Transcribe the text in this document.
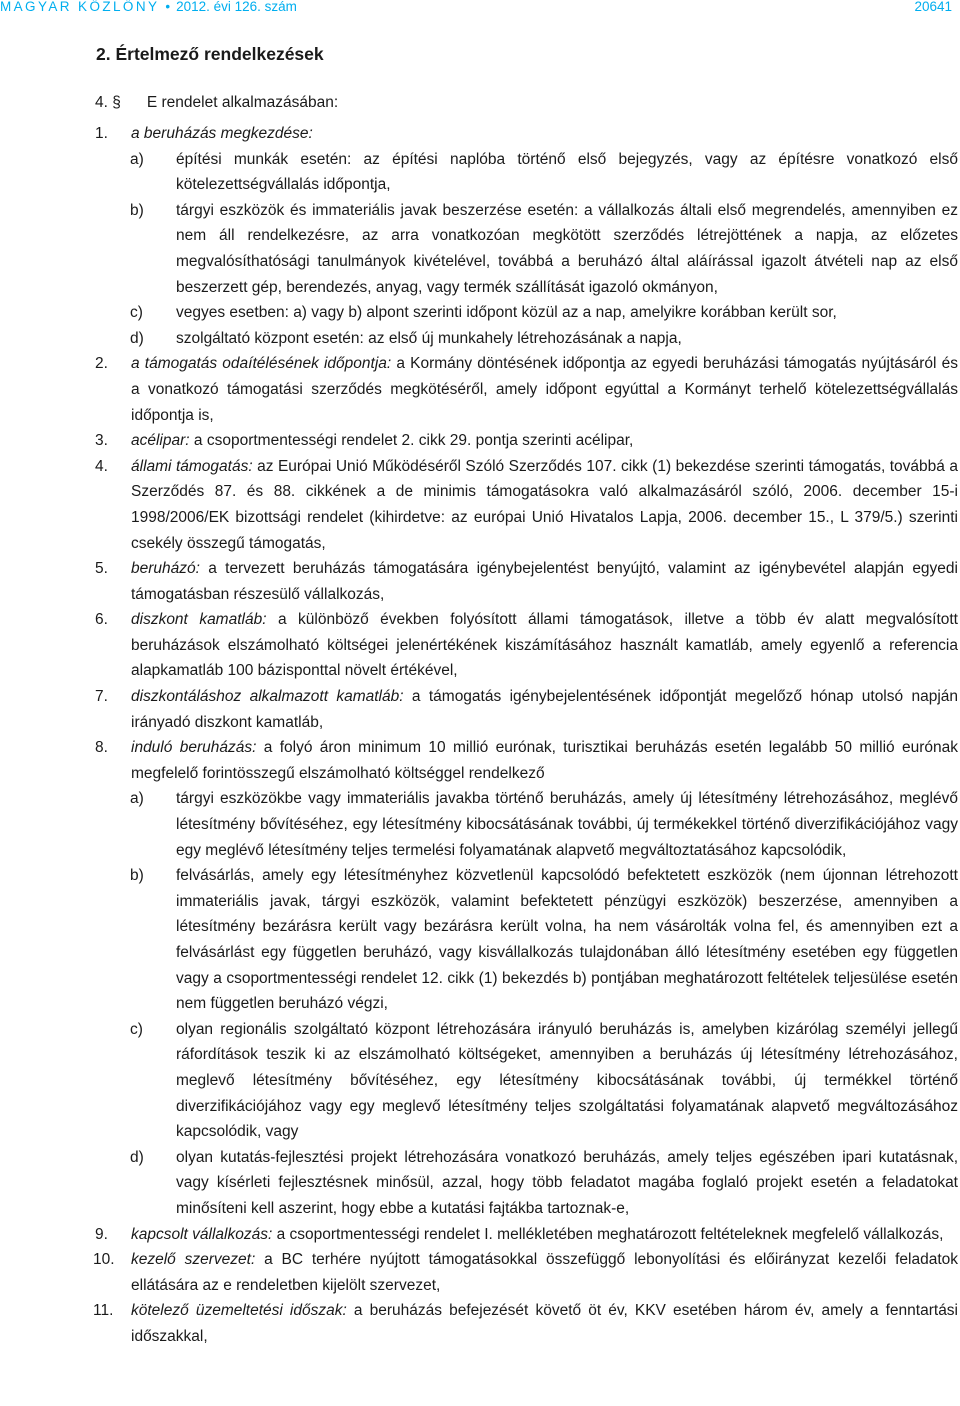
MAGYAR KÖZLÖNY • 2012. évi 126. szám	20641
2. Értelmező rendelkezések
4. § E rendelet alkalmazásában:
1. a beruházás megkezdése:
a) építési munkák esetén: az építési naplóba történő első bejegyzés, vagy az építésre vonatkozó első kötelezettségvállalás időpontja,
b) tárgyi eszközök és immateriális javak beszerzése esetén: a vállalkozás általi első megrendelés, amennyiben ez nem áll rendelkezésre, az arra vonatkozóan megkötött szerződés létrejöttének a napja, az előzetes megvalósíthatósági tanulmányok kivételével, továbbá a beruházó által aláírással igazolt átvételi nap az első beszerzett gép, berendezés, anyag, vagy termék szállítását igazoló okmányon,
c) vegyes esetben: a) vagy b) alpont szerinti időpont közül az a nap, amelyikre korábban került sor,
d) szolgáltató központ esetén: az első új munkahely létrehozásának a napja,
2. a támogatás odaítélésének időpontja: a Kormány döntésének időpontja az egyedi beruházási támogatás nyújtásáról és a vonatkozó támogatási szerződés megkötéséről, amely időpont egyúttal a Kormányt terhelő kötelezettségvállalás időpontja is,
3. acélipar: a csoportmentességi rendelet 2. cikk 29. pontja szerinti acélipar,
4. állami támogatás: az Európai Unió Működéséről Szóló Szerződés 107. cikk (1) bekezdése szerinti támogatás, továbbá a Szerződés 87. és 88. cikkének a de minimis támogatásokra való alkalmazásáról szóló, 2006. december 15-i 1998/2006/EK bizottsági rendelet (kihirdetve: az európai Unió Hivatalos Lapja, 2006. december 15., L 379/5.) szerinti csekély összegű támogatás,
5. beruházó: a tervezett beruházás támogatására igénybejelentést benyújtó, valamint az igénybevétel alapján egyedi támogatásban részesülő vállalkozás,
6. diszkont kamatláb: a különböző években folyósított állami támogatások, illetve a több év alatt megvalósított beruházások elszámolható költségei jelenértékének kiszámításához használt kamatláb, amely egyenlő a referencia alapkamatláb 100 bázisponttal növelt értékével,
7. diszkontáláshoz alkalmazott kamatláb: a támogatás igénybejelentésének időpontját megelőző hónap utolsó napján irányadó diszkont kamatláb,
8. induló beruházás: a folyó áron minimum 10 millió eurónak, turisztikai beruházás esetén legalább 50 millió eurónak megfelelő forintösszegű elszámolható költséggel rendelkező
a) tárgyi eszközökbe vagy immateriális javakba történő beruházás, amely új létesítmény létrehozásához, meglévő létesítmény bővítéséhez, egy létesítmény kibocsátásának további, új termékekkel történő diverzifikációjához vagy egy meglévő létesítmény teljes termelési folyamatának alapvető megváltoztatásához kapcsolódik,
b) felvásárlás, amely egy létesítményhez közvetlenül kapcsolódó befektetett eszközök (nem újonnan létrehozott immateriális javak, tárgyi eszközök, valamint befektetett pénzügyi eszközök) beszerzése, amennyiben a létesítmény bezárásra került vagy bezárásra került volna, ha nem vásárolták volna fel, és amennyiben ezt a felvásárlást egy független beruházó, vagy kisvállalkozás tulajdonában álló létesítmény esetében egy független vagy a csoportmentességi rendelet 12. cikk (1) bekezdés b) pontjában meghatározott feltételek teljesülése esetén nem független beruházó végzi,
c) olyan regionális szolgáltató központ létrehozására irányuló beruházás is, amelyben kizárólag személyi jellegű ráfordítások teszik ki az elszámolható költségeket, amennyiben a beruházás új létesítmény létrehozásához, meglevő létesítmény bővítéséhez, egy létesítmény kibocsátásának további, új termékkel történő diverzifikációjához vagy egy meglevő létesítmény teljes szolgáltatási folyamatának alapvető megváltozásához kapcsolódik, vagy
d) olyan kutatás-fejlesztési projekt létrehozására vonatkozó beruházás, amely teljes egészében ipari kutatásnak, vagy kísérleti fejlesztésnek minősül, azzal, hogy több feladatot magába foglaló projekt esetén a feladatokat minősíteni kell aszerint, hogy ebbe a kutatási fajtákba tartoznak-e,
9. kapcsolt vállalkozás: a csoportmentességi rendelet I. mellékletében meghatározott feltételeknek megfelelő vállalkozás,
10. kezelő szervezet: a BC terhére nyújtott támogatásokkal összefüggő lebonyolítási és előirányzat kezelői feladatok ellátására az e rendeletben kijelölt szervezet,
11. kötelező üzemeltetési időszak: a beruházás befejezését követő öt év, KKV esetében három év, amely a fenntartási időszakkal,
